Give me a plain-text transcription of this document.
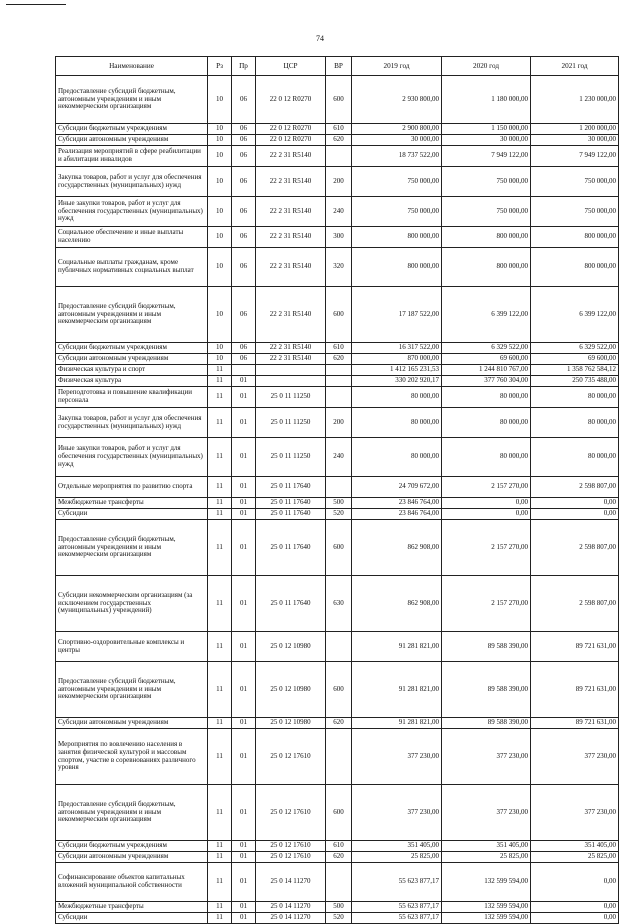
74
Наименование	Рз	Пр	ЦСР	ВР	2019 год	2020 год	2021 год
Предоставление субсидий бюджетным, автономным учреждениям и иным некоммерческим организациям	10	06	22 0 12 R0270	600	2 930 800,00	1 180 000,00	1 230 000,00
Субсидии бюджетным учреждениям	10	06	22 0 12 R0270	610	2 900 800,00	1 150 000,00	1 200 000,00
Субсидии автономным учреждениям	10	06	22 0 12 R0270	620	30 000,00	30 000,00	30 000,00
Реализация мероприятий в сфере реабилитации и абилитации инвалидов	10	06	22 2 31 R5140		18 737 522,00	7 949 122,00	7 949 122,00
Закупка товаров, работ и услуг для обеспечения государственных (муниципальных) нужд	10	06	22 2 31 R5140	200	750 000,00	750 000,00	750 000,00
Иные закупки товаров, работ и услуг для обеспечения государственных (муниципальных) нужд	10	06	22 2 31 R5140	240	750 000,00	750 000,00	750 000,00
Социальное обеспечение и иные выплаты населению	10	06	22 2 31 R5140	300	800 000,00	800 000,00	800 000,00
Социальные выплаты гражданам, кроме публичных нормативных социальных выплат	10	06	22 2 31 R5140	320	800 000,00	800 000,00	800 000,00
Предоставление субсидий бюджетным, автономным учреждениям и иным некоммерческим организациям	10	06	22 2 31 R5140	600	17 187 522,00	6 399 122,00	6 399 122,00
Субсидии бюджетным учреждениям	10	06	22 2 31 R5140	610	16 317 522,00	6 329 522,00	6 329 522,00
Субсидии автономным учреждениям	10	06	22 2 31 R5140	620	870 000,00	69 600,00	69 600,00
Физическая культура и спорт	11				1 412 165 231,53	1 244 810 767,00	1 358 762 584,12
Физическая культура	11	01			330 202 920,17	377 760 304,00	250 735 488,00
Переподготовка и повышение квалификации персонала	11	01	25 0 11 11250		80 000,00	80 000,00	80 000,00
Закупка товаров, работ и услуг для обеспечения государственных (муниципальных) нужд	11	01	25 0 11 11250	200	80 000,00	80 000,00	80 000,00
Иные закупки товаров, работ и услуг для обеспечения государственных (муниципальных) нужд	11	01	25 0 11 11250	240	80 000,00	80 000,00	80 000,00
Отдельные мероприятия по развитию спорта	11	01	25 0 11 17640		24 709 672,00	2 157 270,00	2 598 807,00
Межбюджетные трансферты	11	01	25 0 11 17640	500	23 846 764,00	0,00	0,00
Субсидии	11	01	25 0 11 17640	520	23 846 764,00	0,00	0,00
Предоставление субсидий бюджетным, автономным учреждениям и иным некоммерческим организациям	11	01	25 0 11 17640	600	862 908,00	2 157 270,00	2 598 807,00
Субсидии некоммерческим организациям (за исключением государственных (муниципальных) учреждений)	11	01	25 0 11 17640	630	862 908,00	2 157 270,00	2 598 807,00
Спортивно-оздоровительные комплексы и центры	11	01	25 0 12 10980		91 281 821,00	89 588 390,00	89 721 631,00
Предоставление субсидий бюджетным, автономным учреждениям и иным некоммерческим организациям	11	01	25 0 12 10980	600	91 281 821,00	89 588 390,00	89 721 631,00
Субсидии автономным учреждениям	11	01	25 0 12 10980	620	91 281 821,00	89 588 390,00	89 721 631,00
Мероприятия по вовлечению населения в занятия физической культурой и массовым спортом, участие в соревнованиях различного уровня	11	01	25 0 12 17610		377 230,00	377 230,00	377 230,00
Предоставление субсидий бюджетным, автономным учреждениям и иным некоммерческим организациям	11	01	25 0 12 17610	600	377 230,00	377 230,00	377 230,00
Субсидии бюджетным учреждениям	11	01	25 0 12 17610	610	351 405,00	351 405,00	351 405,00
Субсидии автономным учреждениям	11	01	25 0 12 17610	620	25 825,00	25 825,00	25 825,00
Софинансирование объектов капитальных вложений муниципальной собственности	11	01	25 0 14 11270		55 623 877,17	132 599 594,00	0,00
Межбюджетные трансферты	11	01	25 0 14 11270	500	55 623 877,17	132 599 594,00	0,00
Субсидии	11	01	25 0 14 11270	520	55 623 877,17	132 599 594,00	0,00
